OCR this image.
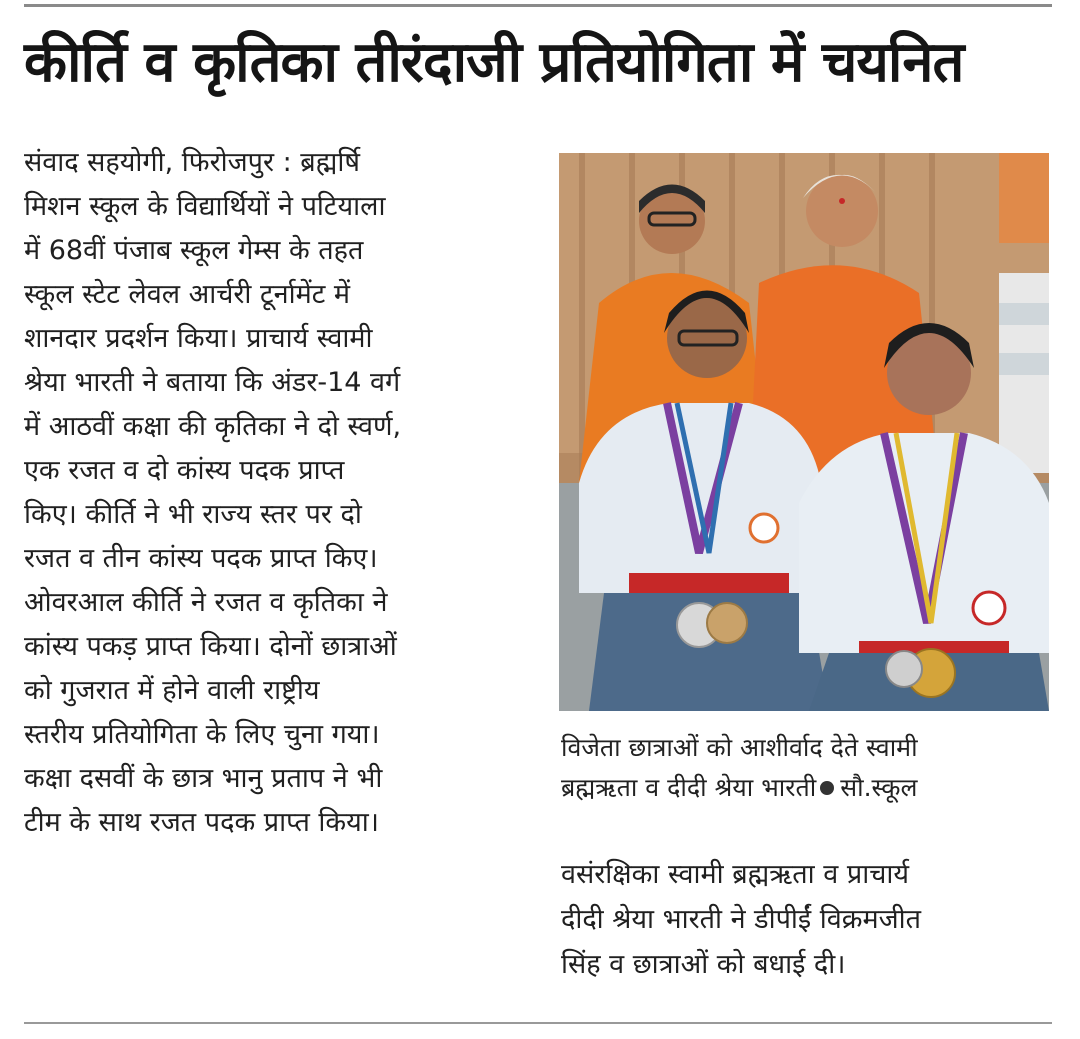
कीर्ति व कृतिका तीरंदाजी प्रतियोगिता में चयनित
संवाद सहयोगी, फिरोजपुर : ब्रह्मर्षि
मिशन स्कूल के विद्यार्थियों ने पटियाला
में 68वीं पंजाब स्कूल गेम्स के तहत
स्कूल स्टेट लेवल आर्चरी टूर्नामेंट में
शानदार प्रदर्शन किया। प्राचार्य स्वामी
श्रेया भारती ने बताया कि अंडर-14 वर्ग
में आठवीं कक्षा की कृतिका ने दो स्वर्ण,
एक रजत व दो कांस्य पदक प्राप्त
किए। कीर्ति ने भी राज्य स्तर पर दो
रजत व तीन कांस्य पदक प्राप्त किए।
ओवरआल कीर्ति ने रजत व कृतिका ने
कांस्य पकड़ प्राप्त किया। दोनों छात्राओं
को गुजरात में होने वाली राष्ट्रीय
स्तरीय प्रतियोगिता के लिए चुना गया।
कक्षा दसवीं के छात्र भानु प्रताप ने भी
टीम के साथ रजत पदक प्राप्त किया।
विजेता छात्राओं को आशीर्वाद देते स्वामी
ब्रह्मऋता व दीदी श्रेया भारती सौ.स्कूल
वसंरक्षिका स्वामी ब्रह्मऋता व प्राचार्य
दीदी श्रेया भारती ने डीपीईं विक्रमजीत
सिंह व छात्राओं को बधाई दी।
